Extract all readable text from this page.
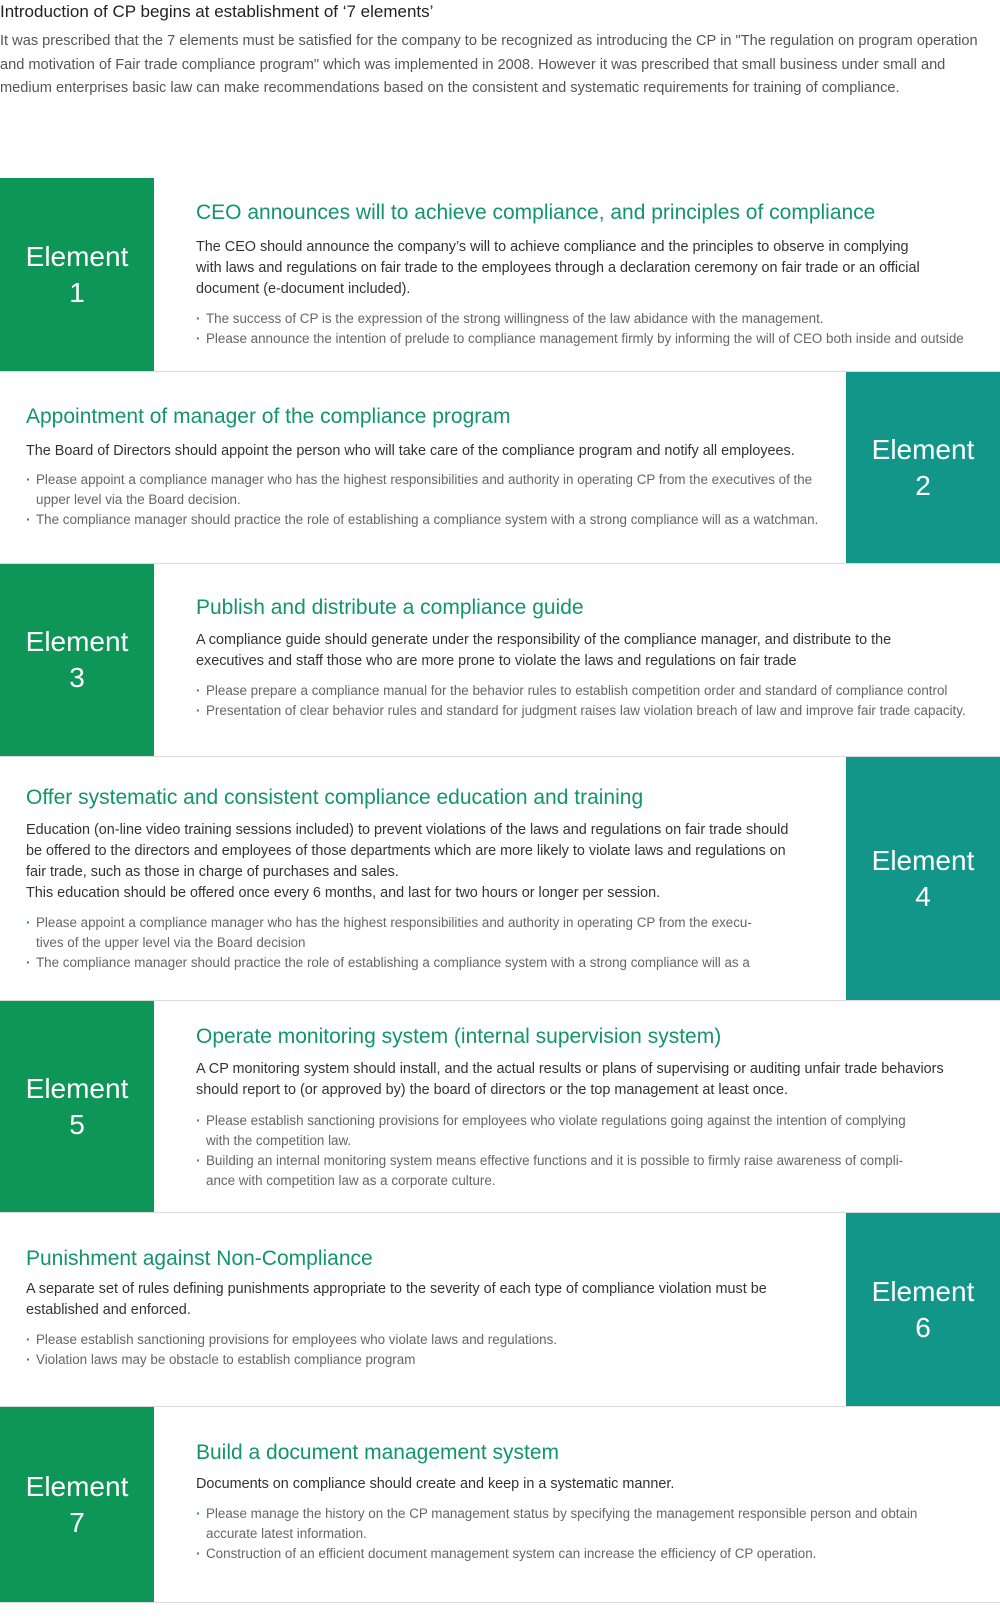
Introduction of CP begins at establishment of ‘7 elements’

It was prescribed that the 7 elements must be satisfied for the company to be recognized as introducing the CP in "The regulation on program operation and motivation of Fair trade compliance program" which was implemented in 2008. However it was prescribed that small business under small and medium enterprises basic law can make recommendations based on the consistent and systematic requirements for training of compliance.

Element
1
CEO announces will to achieve compliance, and principles of compliance

The CEO should announce the company’s will to achieve compliance and the principles to observe in complying with laws and regulations on fair trade to the employees through a declaration ceremony on fair trade or an official document (e-document included).

· The success of CP is the expression of the strong willingness of the law abidance with the management.
· Please announce the intention of prelude to compliance management firmly by informing the will of CEO both inside and outside
Appointment of manager of the compliance program

The Board of Directors should appoint the person who will take care of the compliance program and notify all employees.

· Please appoint a compliance manager who has the highest responsibilities and authority in operating CP from the executives of the upper level via the Board decision.
· The compliance manager should practice the role of establishing a compliance system with a strong compliance will as a watchman.
Element
2
Element
3
Publish and distribute a compliance guide

A compliance guide should generate under the responsibility of the compliance manager, and distribute to the executives and staff those who are more prone to violate the laws and regulations on fair trade

· Please prepare a compliance manual for the behavior rules to establish competition order and standard of compliance control
· Presentation of clear behavior rules and standard for judgment raises law violation breach of law and improve fair trade capacity.
Offer systematic and consistent compliance education and training

Education (on-line video training sessions included) to prevent violations of the laws and regulations on fair trade should be offered to the directors and employees of those departments which are more likely to violate laws and regulations on fair trade, such as those in charge of purchases and sales.

This education should be offered once every 6 months, and last for two hours or longer per session.

· Please appoint a compliance manager who has the highest responsibilities and authority in operating CP from the execu-tives of the upper level via the Board decision
· The compliance manager should practice the role of establishing a compliance system with a strong compliance will as a
Element
4
Element
5
Operate monitoring system (internal supervision system)

A CP monitoring system should install, and the actual results or plans of supervising or auditing unfair trade behaviors should report to (or approved by) the board of directors or the top management at least once.

· Please establish sanctioning provisions for employees who violate regulations going against the intention of complying with the competition law.
· Building an internal monitoring system means effective functions and it is possible to firmly raise awareness of compli-ance with competition law as a corporate culture.
Punishment against Non-Compliance

A separate set of rules defining punishments appropriate to the severity of each type of compliance violation must be established and enforced.

· Please establish sanctioning provisions for employees who violate laws and regulations.
· Violation laws may be obstacle to establish compliance program
Element
6
Element
7
Build a document management system

Documents on compliance should create and keep in a systematic manner.

· Please manage the history on the CP management status by specifying the management responsible person and obtain accurate latest information.
· Construction of an efficient document management system can increase the efficiency of CP operation.
